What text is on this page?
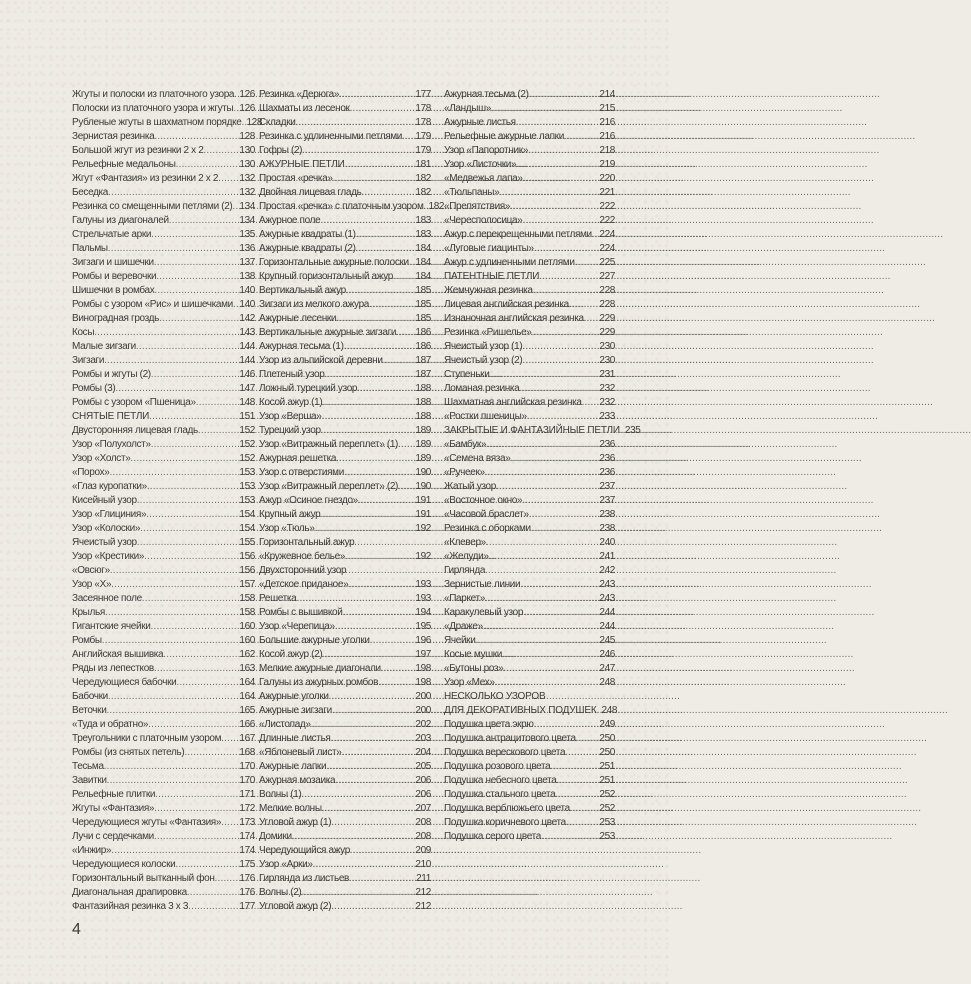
Жгуты и полоски из платочного узора ..... 126
Полоски из платочного узора и жгуты ..... 126
Рубленые жгуты в шахматном порядке ..... 128
Зернистая резинка .....	128
Большой жгут из резинки 2 х 2 .....	130
Рельефные медальоны .....	130
Жгут «Фантазия» из резинки 2 х 2 ..... 132
Беседка .....	132
Резинка со смещенными петлями (2) ..... 134
Галуны из диагоналей .....	134
Стрельчатые арки .....	135
Пальмы .....	136
Зигзаги и шишечки .....	137
Ромбы и веревочки .....	138
Шишечки в ромбах .....	140
Ромбы с узором «Рис» и шишечками ..... 140
Виноградная гроздь .....	142
Косы .....	143
Малые зигзаги .....	144
Зигзаги .....	144
Ромбы и жгуты (2) .....	146
Ромбы (3) .....	147
Ромбы с узором «Пшеница» .....	148
СНЯТЫЕ ПЕТЛИ .....	151
Двусторонняя лицевая гладь .....	152
Узор «Полухолст» .....	152
Узор «Холст» .....	152
«Порох» .....	153
«Глаз куропатки» .....	153
Кисейный узор .....	153
Узор «Глициния» .....	154
Узор «Колоски» .....	154
Ячеистый узор .....	155
Узор «Крестики» .....	156
«Овсюг» .....	156
Узор «Х» .....	157
Засеянное поле .....	158
Крылья .....	158
Гигантские ячейки .....	160
Ромбы .....	160
Английская вышивка .....	162
Ряды из лепестков .....	163
Чередующиеся бабочки .....	164
Бабочки .....	164
Веточки .....	165
«Туда и обратно» .....	166
Треугольники с платочным узором ..... 167
Ромбы (из снятых петель) .....	168
Тесьма .....	170
Завитки .....	170
Рельефные плитки .....	171
Жгуты «Фантазия» .....	172
Чередующиеся жгуты «Фантазия» ..... 173
Лучи с сердечками .....	174
«Инжир» .....	174
Чередующиеся колоски .....	175
Горизонтальный вытканный фон ..... 176
Диагональная драпировка .....	176
Фантазийная резинка 3 х 3 .....	177
Резинка «Дерюга» .....	177
Шахматы из лесенок .....	178
Складки .....	178
Резинка с удлиненными петлями ..... 179
Гофры (2) .....	179
АЖУРНЫЕ ПЕТЛИ .....	181
Простая «речка» .....	182
Двойная лицевая гладь .....	182
Простая «речка» с платочным узором ..... 182
Ажурное поле .....	183
Ажурные квадраты (1) .....	183
Ажурные квадраты (2) .....	184
Горизонтальные ажурные полоски ..... 184
Крупный горизонтальный ажур ..... 184
Вертикальный ажур .....	185
Зигзаги из мелкого ажура .....	185
Ажурные лесенки .....	185
Вертикальные ажурные зигзаги ..... 186
Ажурная тесьма (1) .....	186
Узор из альпийской деревни .....	187
Плетеный узор .....	187
Ложный турецкий узор .....	188
Косой ажур (1) .....	188
Узор «Верша» .....	188
Турецкий узор .....	189
Узор «Витражный переплет» (1) ..... 189
Ажурная решетка .....	189
Узор с отверстиями .....	190
Узор «Витражный переплет» (2) ..... 190
Ажур «Осиное гнездо» .....	191
Крупный ажур .....	191
Узор «Тюль» .....	192
Горизонтальный ажур
«Кружевное белье» .....	192
Двухсторонний узор
«Детское приданое» .....	193
Решетка .....	193
Ромбы с вышивкой .....	194
Узор «Черепица» .....	195
Большие ажурные уголки .....	196
Косой ажур (2) .....	197
Мелкие ажурные диагонали .....	198
Галуны из ажурных ромбов .....	198
Ажурные уголки .....	200
Ажурные зигзаги .....	200
«Листопад» .....	202
Длинные листья .....	203
«Яблоневый лист» .....	204
Ажурные лапки .....	205
Ажурная мозаика .....	206
Волны (1) .....	206
Мелкие волны .....	207
Угловой ажур (1) .....	208
Домики .....	208
Чередующийся ажур .....	209
Узор «Арки» .....	210
Гирлянда из листьев .....	211
Волны (2) .....	212
Угловой ажур (2) .....	212
Ажурная тесьма (2) .....	214
«Ландыш» .....	215
Ажурные листья .....	216
Рельефные ажурные лапки .....	216
Узор «Папоротник» .....	218
Узор «Листочки» .....	219
«Медвежья лапа» .....	220
«Тюльпаны» .....	221
«Препятствия» .....	222
«Чересполосица» .....	222
Ажур с перекрещенными петлями ..... 224
«Луговые гиацинты» .....	224
Ажур с удлиненными петлями ..... 225
ПАТЕНТНЫЕ ПЕТЛИ .....	227
Жемчужная резинка .....	228
Лицевая английская резинка .....	228
Изнаночная английская резинка ..... 229
Резинка «Ришелье» .....	229
Ячеистый узор (1) .....	230
Ячеистый узор (2) .....	230
Ступеньки .....	231
Ломаная резинка .....	232
Шахматная английская резинка ..... 232
«Ростки пшеницы» .....	233
ЗАКРЫТЫЕ И ФАНТАЗИЙНЫЕ ПЕТЛИ ..... 235
«Бамбук» .....	236
«Семена вяза» .....	236
«Ручеек» .....	236
Жатый узор .....	237
«Восточное окно» .....	237
«Часовой браслет» .....	238
Резинка с оборками .....	238
«Клевер» .....	240
«Желуди» .....	241
Гирлянда .....	242
Зернистые линии .....	243
«Паркет» .....	243
Каракулевый узор .....	244
«Драже» .....	244
Ячейки .....	245
Косые мушки .....	246
«Бутоны роз» .....	247
Узор «Мех» .....	248
НЕСКОЛЬКО УЗОРОВ
ДЛЯ ДЕКОРАТИВНЫХ ПОДУШЕК ..... 248
Подушка цвета экрю .....	249
Подушка антрацитового цвета ..... 250
Подушка верескового цвета .....	250
Подушка розового цвета .....	251
Подушка небесного цвета .....	251
Подушка стального цвета .....	252
Подушка верблюжьего цвета .....	252
Подушка коричневого цвета .....	253
Подушка серого цвета .....	253
4
